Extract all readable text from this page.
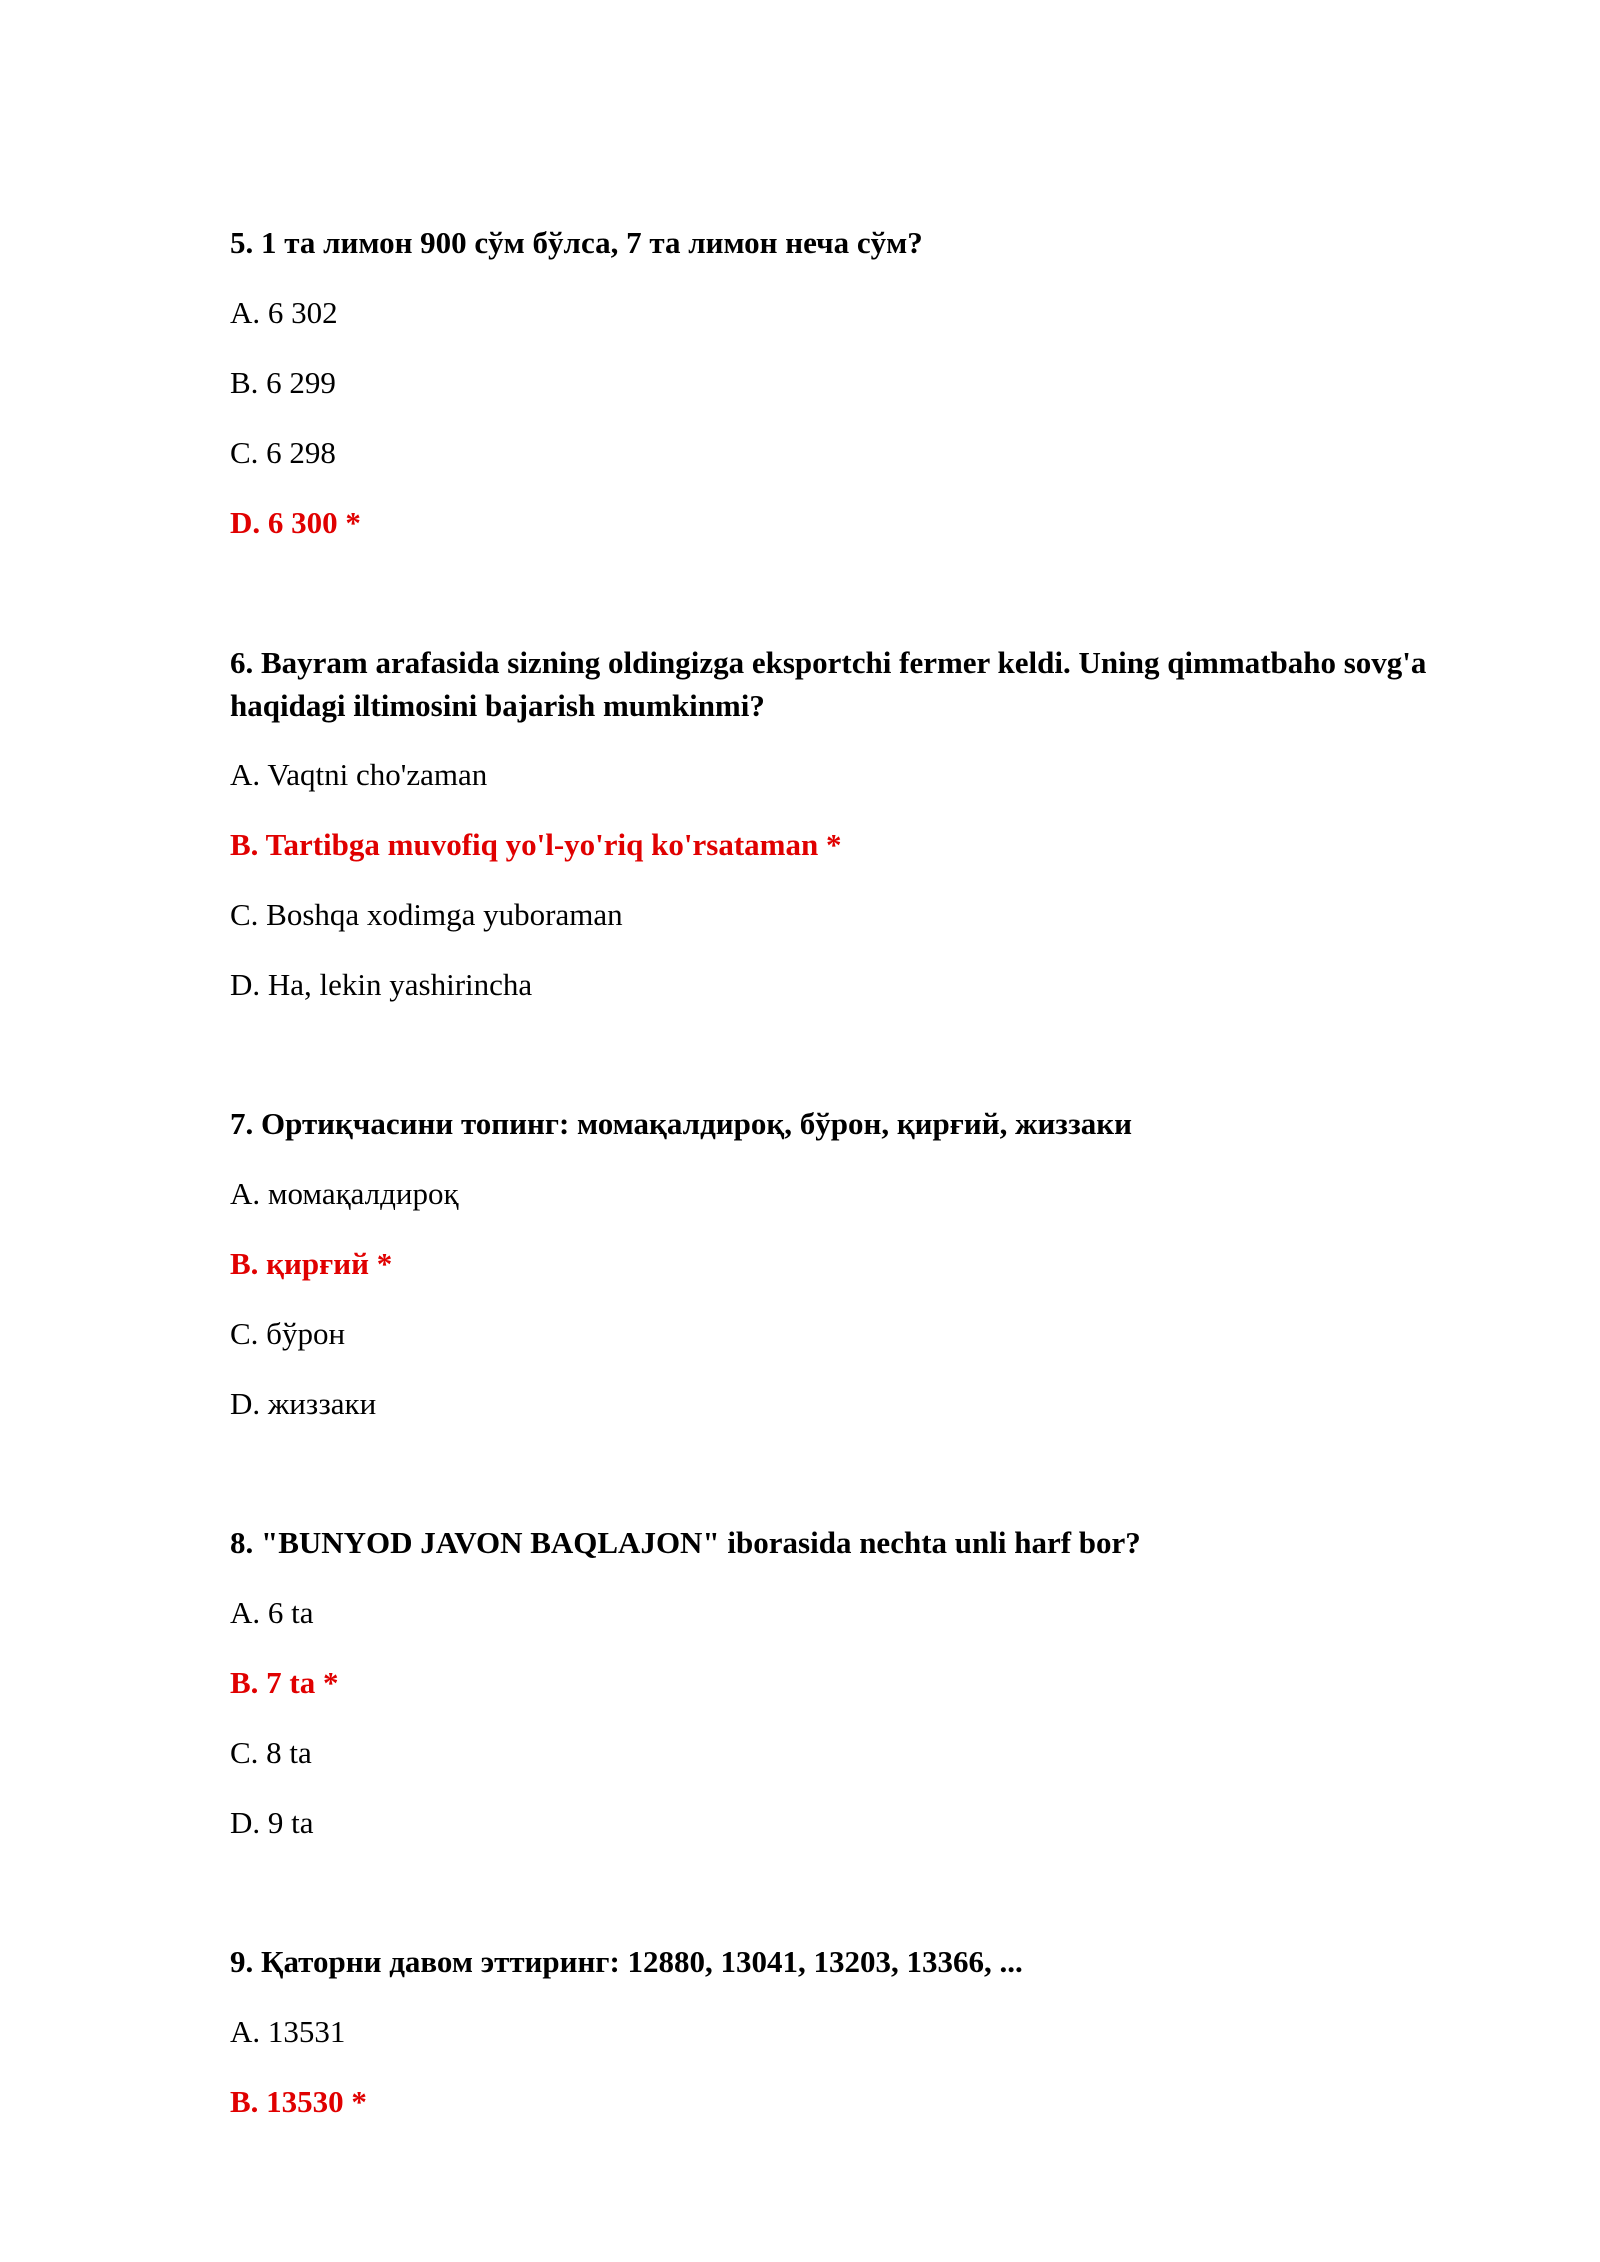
5. 1 та лимон 900 сўм бўлса, 7 та лимон неча сўм?

A. 6 302

B. 6 299

C. 6 298

D. 6 300 *

6. Bayram arafasida sizning oldingizga eksportchi fermer keldi. Uning qimmatbaho sovg'a haqidagi iltimosini bajarish mumkinmi?

A. Vaqtni cho'zaman

B. Tartibga muvofiq yo'l-yo'riq ko'rsataman *

C. Boshqa xodimga yuboraman

D. Ha, lekin yashirincha

7. Ортиқчасини топинг: момақалдироқ, бўрон, қирғий, жиззаки

A. момақалдироқ

B. қирғий *

C. бўрон

D. жиззаки

8. "BUNYOD JAVON BAQLAJON" iborasida nechta unli harf bor?

A. 6 ta

B. 7 ta *

C. 8 ta

D. 9 ta

9. Қаторни давом эттиринг: 12880, 13041, 13203, 13366, ...

A. 13531

B. 13530 *
